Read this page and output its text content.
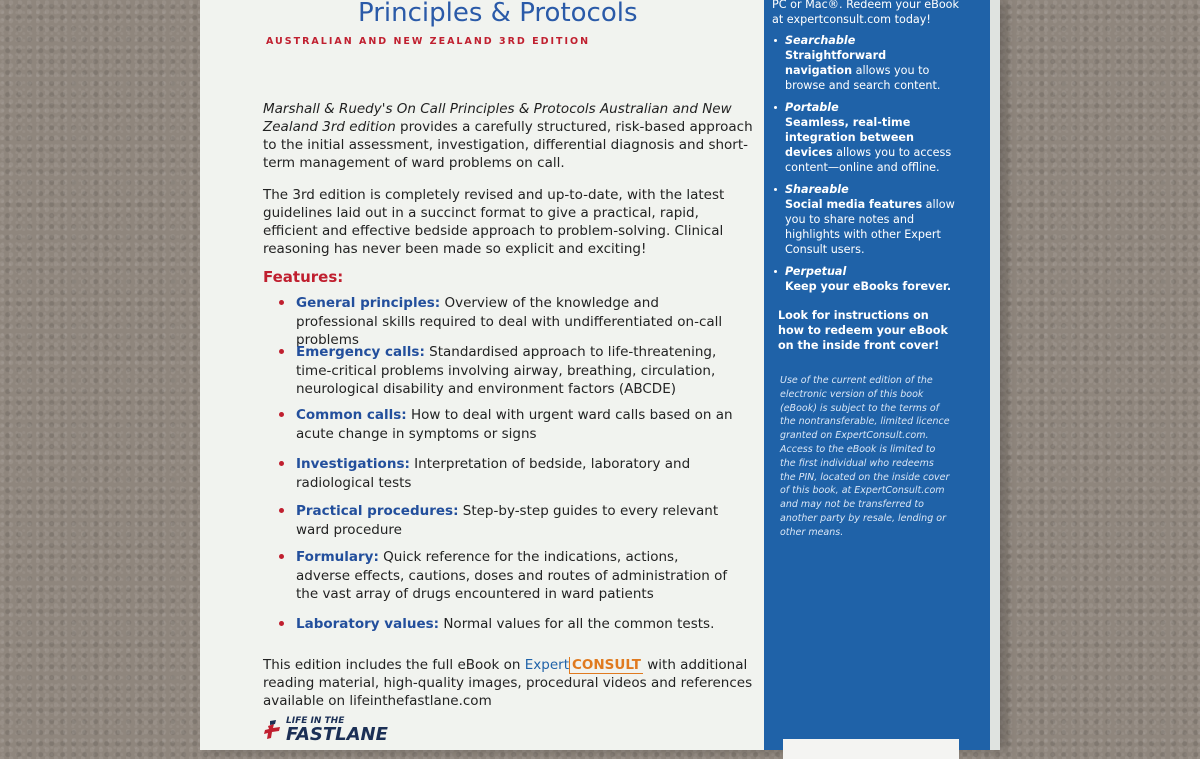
Principles & Protocols
AUSTRALIAN AND NEW ZEALAND 3RD EDITION
Marshall & Ruedy's On Call Principles & Protocols Australian and New Zealand 3rd edition provides a carefully structured, risk-based approach to the initial assessment, investigation, differential diagnosis and short-term management of ward problems on call.
The 3rd edition is completely revised and up-to-date, with the latest guidelines laid out in a succinct format to give a practical, rapid, efficient and effective bedside approach to problem-solving. Clinical reasoning has never been made so explicit and exciting!
Features:
General principles: Overview of the knowledge and professional skills required to deal with undifferentiated on-call problems
Emergency calls: Standardised approach to life-threatening, time-critical problems involving airway, breathing, circulation, neurological disability and environment factors (ABCDE)
Common calls: How to deal with urgent ward calls based on an acute change in symptoms or signs
Investigations: Interpretation of bedside, laboratory and radiological tests
Practical procedures: Step-by-step guides to every relevant ward procedure
Formulary: Quick reference for the indications, actions, adverse effects, cautions, doses and routes of administration of the vast array of drugs encountered in ward patients
Laboratory values: Normal values for all the common tests.
This edition includes the full eBook on Expert CONSULT with additional reading material, high-quality images, procedural videos and references available on lifeinthefastlane.com
LIFE IN THE
FASTLANE
PC or Mac®. Redeem your eBook at expertconsult.com today!
Searchable
Straightforward navigation allows you to browse and search content.
Portable
Seamless, real-time integration between devices allows you to access content—online and offline.
Shareable
Social media features allow you to share notes and highlights with other Expert Consult users.
Perpetual
Keep your eBooks forever.
Look for instructions on how to redeem your eBook on the inside front cover!
Use of the current edition of the electronic version of this book (eBook) is subject to the terms of the nontransferable, limited licence granted on ExpertConsult.com. Access to the eBook is limited to the first individual who redeems the PIN, located on the inside cover of this book, at ExpertConsult.com and may not be transferred to another party by resale, lending or other means.
